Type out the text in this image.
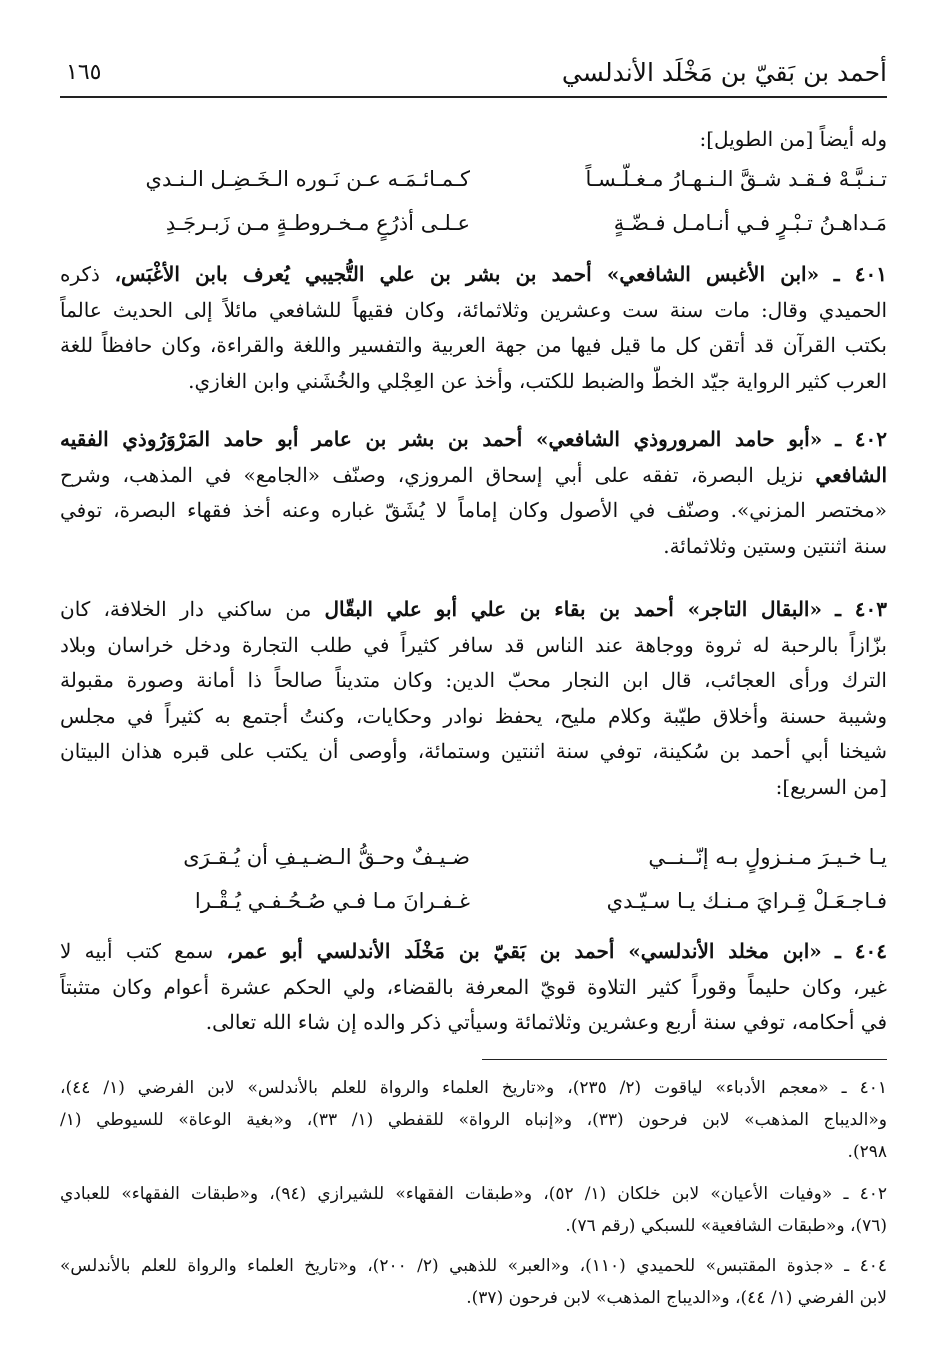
أحمد بن بَقيّ بن مَخْلَد الأندلسي
١٦٥
وله أيضاً [من الطويل]:
تـنـبَّـهْ فـقـد شـقَّ الـنـهـارُ مـغـلّـسـاً
كـمـائـمَـه عـن نَـوره الـخَـضِـل الـنـدي
مَـداهـنُ تـبْـرٍ فـي أنـامـل فـضّـةٍ
عـلـى أذرُعٍ مـخـروطـةٍ مـن زَبـرجَـدِ
٤٠١ ـ «ابن الأغبس الشافعي» أحمد بن بشر بن علي التُّجيبي يُعرف بابن الأغْبَس، ذكره
الحميدي وقال: مات سنة ست وعشرين وثلاثمائة، وكان فقيهاً للشافعي مائلاً إلى الحديث عالماً
بكتب القرآن قد أتقن كل ما قيل فيها من جهة العربية والتفسير واللغة والقراءة، وكان حافظاً للغة
العرب كثير الرواية جيّد الخطّ والضبط للكتب، وأخذ عن العِجْلي والخُشَني وابن الغازي.
٤٠٢ ـ «أبو حامد المروروذي الشافعي» أحمد بن بشر بن عامر أبو حامد المَرْوَرُوذي الفقيه
الشافعي نزيل البصرة، تفقه على أبي إسحاق المروزي، وصنّف «الجامع» في المذهب، وشرح
«مختصر المزني». وصنّف في الأصول وكان إماماً لا يُشَقّ غباره وعنه أخذ فقهاء البصرة، توفي
سنة اثنتين وستين وثلاثمائة.
٤٠٣ ـ «البقال التاجر» أحمد بن بقاء بن علي أبو علي البقّال من ساكني دار الخلافة، كان
بزّازاً بالرحبة له ثروة ووجاهة عند الناس قد سافر كثيراً في طلب التجارة ودخل خراسان وبلاد
الترك ورأى العجائب، قال ابن النجار محبّ الدين: وكان متديناً صالحاً ذا أمانة وصورة مقبولة
وشيبة حسنة وأخلاق طيّبة وكلام مليح، يحفظ نوادر وحكايات، وكنتُ أجتمع به كثيراً في مجلس
شيخنا أبي أحمد بن سُكينة، توفي سنة اثنتين وستمائة، وأوصى أن يكتب على قبره هذان البيتان
[من السريع]:
يـا خـيـرَ مـنـزولٍ بـه إنّــنــي
ضـيـفٌ وحـقُّ الـضـيـفِ أن يُـقـرَى
فـاجـعَـلْ قِـرايَ مـنـك يـا سـيّـدي
غـفـرانَ مـا فـي صُـحُـفـي يُـقْـرا
٤٠٤ ـ «ابن مخلد الأندلسي» أحمد بن بَقيّ بن مَخْلَد الأندلسي أبو عمر، سمع كتب أبيه لا
غير، وكان حليماً وقوراً كثير التلاوة قويّ المعرفة بالقضاء، ولي الحكم عشرة أعوام وكان متثبتاً
في أحكامه، توفي سنة أربع وعشرين وثلاثمائة وسيأتي ذكر والده إن شاء الله تعالى.
٤٠١ ـ «معجم الأدباء» لياقوت (٢/ ٢٣٥)، و«تاريخ العلماء والرواة للعلم بالأندلس» لابن الفرضي (١/ ٤٤)،
و«الديباج المذهب» لابن فرحون (٣٣)، و«إنباه الرواة» للقفطي (١/ ٣٣)، و«بغية الوعاة» للسيوطي (١/
٢٩٨).
٤٠٢ ـ «وفيات الأعيان» لابن خلكان (١/ ٥٢)، و«طبقات الفقهاء» للشيرازي (٩٤)، و«طبقات الفقهاء» للعبادي
(٧٦)، و«طبقات الشافعية» للسبكي (رقم ٧٦).
٤٠٤ ـ «جذوة المقتبس» للحميدي (١١٠)، و«العبر» للذهبي (٢/ ٢٠٠)، و«تاريخ العلماء والرواة للعلم بالأندلس»
لابن الفرضي (١/ ٤٤)، و«الديباج المذهب» لابن فرحون (٣٧).
